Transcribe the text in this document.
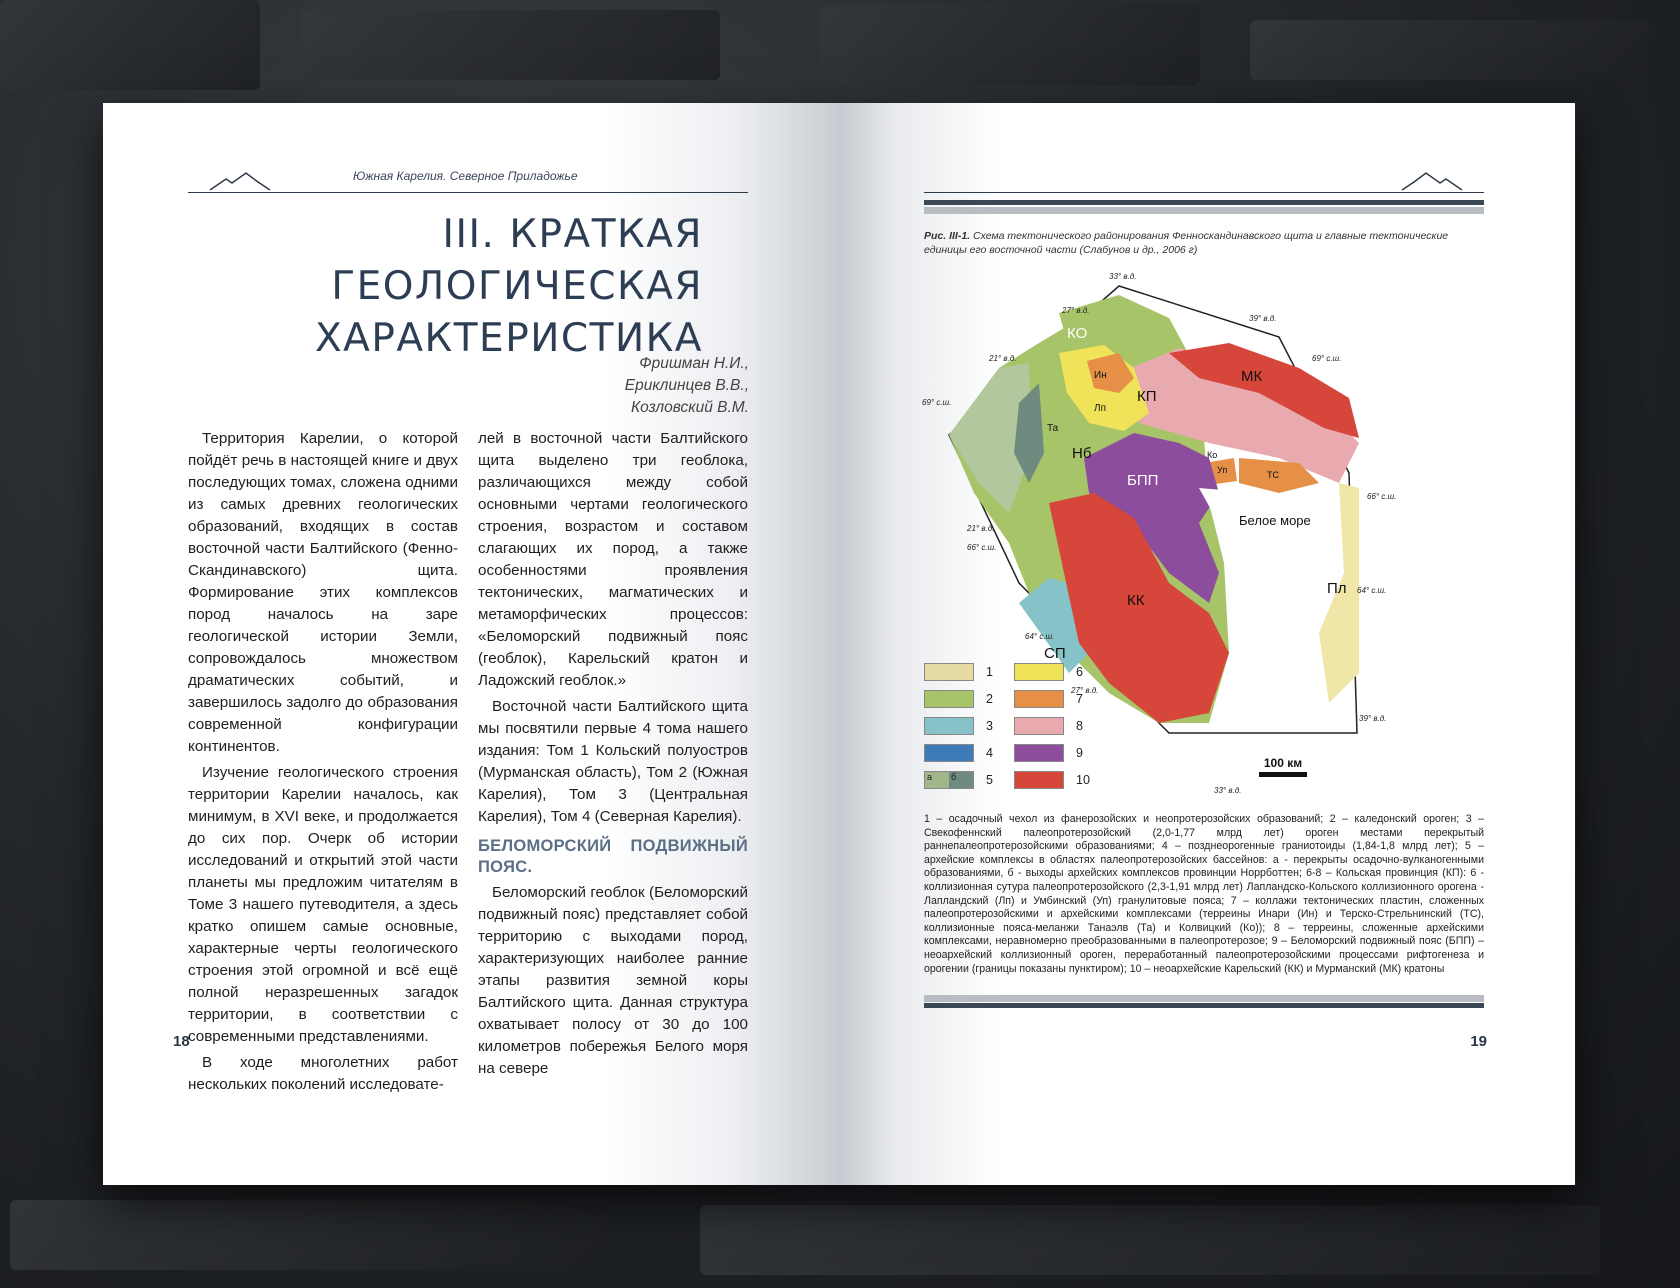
Южная Карелия. Северное Приладожье
III. КРАТКАЯ
ГЕОЛОГИЧЕСКАЯ
ХАРАКТЕРИСТИКА
Фришман Н.И.,
Ериклинцев В.В.,
Козловский В.М.

Территория Карелии, о которой пойдёт речь в настоящей книге и двух последующих томах, сложена одними из самых древних геологических образований, входящих в состав восточной части Балтийского (Фенно-Скандинавского) щита. Формирование этих комплексов пород началось на заре геологической истории Земли, сопровождалось множеством драматических событий, и завершилось задолго до образования современной конфигурации континентов.

Изучение геологического строения территории Карелии началось, как минимум, в XVI веке, и продолжается до сих пор. Очерк об истории исследований и открытий этой части планеты мы предложим читателям в Томе 3 нашего путеводителя, а здесь кратко опишем самые основные, характерные черты геологического строения этой огромной и всё ещё полной неразрешенных загадок территории, в соответствии с современными представлениями.

В ходе многолетних работ нескольких поколений исследовате-

лей в восточной части Балтийского щита выделено три геоблока, различающихся между собой основными чертами геологического строения, возрастом и составом слагающих их пород, а также особенностями проявления тектонических, магматических и метаморфических процессов: «Беломорский подвижный пояс (геоблок), Карельский кратон и Ладожский геоблок.»

Восточной части Балтийского щита мы посвятили первые 4 тома нашего издания: Том 1 Кольский полуостров (Мурманская область), Том 2 (Южная Карелия), Том 3 (Центральная Карелия), Том 4 (Северная Карелия).

БЕЛОМОРСКИЙ ПОДВИЖНЫЙ ПОЯС.

Беломорский геоблок (Беломорский подвижный пояс) представляет собой территорию с выходами пород, характеризующих наиболее ранние этапы развития земной коры Балтийского щита. Данная структура охватывает полосу от 30 до 100 километров побережья Белого моря на севере

18
Рис. III-1. Схема тектонического районирования Фенноскандинавского щита и главные тектонические единицы его восточной части (Слабунов и др., 2006 г)
КО
МК
Ин
КП
Лп
Та
Нб	Ко
Уп	ТС
БПП
Белое море
КК
Пл
СП
33° в.д.
27° в.д.
39° в.д.
21° в.д.	69° с.ш.
69° с.ш.
66° с.ш.
21° в.д.
66° с.ш.
64° с.ш.
64° с.ш.
27° в.д.
39° в.д.
33° в.д.
1
2
3
4
a	б	5
6
7
8
9
10
100 км
1 – осадочный чехол из фанерозойских и неопротерозойских образований; 2 – каледонский ороген; 3 – Свекофеннский палеопротерозойский (2,0-1,77 млрд лет) ороген местами перекрытый раннепалеопротерозойскими образованиями; 4 – позднеорогенные граниотоиды (1,84-1,8 млрд лет); 5 – архейские комплексы в областях палеопротерозойских бассейнов: а - перекрыты осадочно-вулканогенными образованиями, б - выходы архейских комплексов провинции Норрботтен; 6-8 – Кольская провинция (КП): 6 - коллизионная сутура палеопротерозойского (2,3-1,91 млрд лет) Лапландско-Кольского коллизионного орогена - Лапландский (Лп) и Умбинский (Уп) гранулитовые пояса; 7 – коллажи тектонических пластин, сложенных палеопротерозойскими и архейскими комплексами (терреины Инари (Ин) и Терско-Стрельнинский (ТС), коллизионные пояса-меланжи Танаэлв (Та) и Колвицкий (Ко)); 8 – терреины, сложенные архейскими комплексами, неравномерно преобразованными в палеопротерозое; 9 – Беломорский подвижный пояс (БПП) – неоархейский коллизионный ороген, переработанный палеопротерозойскими процессами рифтогенеза и орогении (границы показаны пунктиром); 10 – неоархейские Карельский (КК) и Мурманский (МК) кратоны
19
